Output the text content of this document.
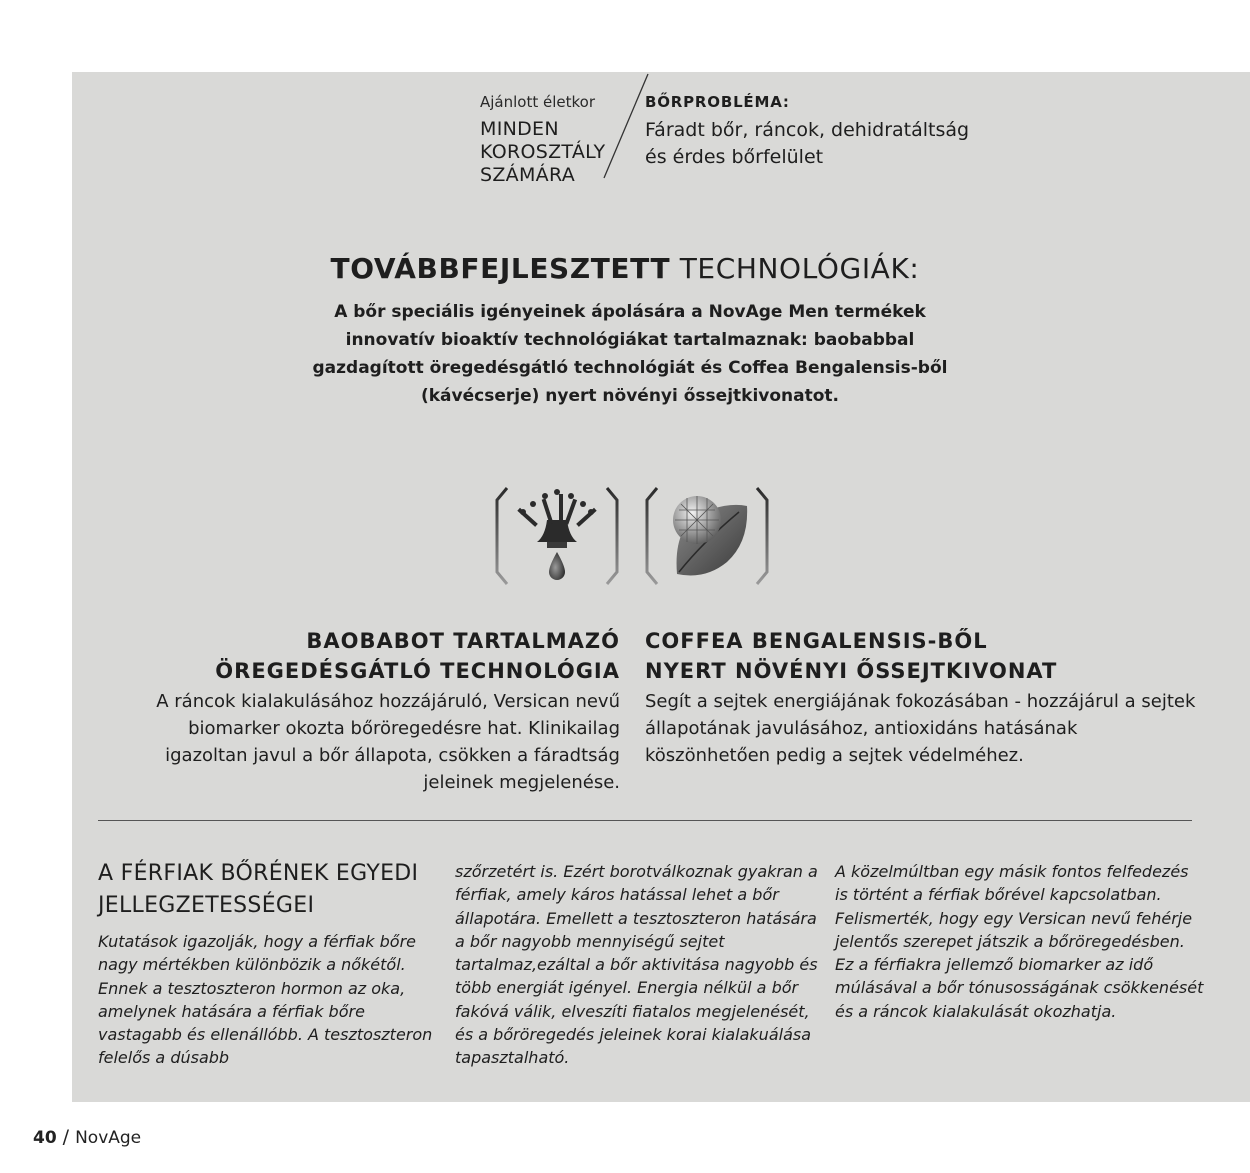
Ajánlott életkor
MINDEN
KOROSZTÁLY
SZÁMÁRA
BŐRPROBLÉMA:
Fáradt bőr, ráncok, dehidratáltság
és érdes bőrfelület
TOVÁBBFEJLESZTETT TECHNOLÓGIÁK:
A bőr speciális igényeinek ápolására a NovAge Men termékek innovatív bioaktív technológiákat tartalmaznak: baobabbal gazdagított öregedésgátló technológiát és Coffea Bengalensis-ből (kávécserje) nyert növényi őssejtkivonatot.
BAOBABOT TARTALMAZÓ
ÖREGEDÉSGÁTLÓ TECHNOLÓGIA
A ráncok kialakulásához hozzájáruló, Versican nevű biomarker okozta bőröregedésre hat. Klinikailag igazoltan javul a bőr állapota, csökken a fáradtság jeleinek megjelenése.
COFFEA BENGALENSIS-BŐL
NYERT NÖVÉNYI ŐSSEJTKIVONAT
Segít a sejtek energiájának fokozásában - hozzájárul a sejtek állapotának javulásához, antioxidáns hatásának köszönhetően pedig a sejtek védelméhez.
A FÉRFIAK BŐRÉNEK EGYEDI JELLEGZETESSÉGEI
Kutatások igazolják, hogy a férfiak bőre nagy mértékben különbözik a nőkétől. Ennek a tesztoszteron hormon az oka, amelynek hatására a férfiak bőre vastagabb és ellenállóbb. A tesztoszteron felelős a dúsabb
szőrzetért is. Ezért borotválkoznak gyakran a férfiak, amely káros hatással lehet a bőr állapotára. Emellett a tesztoszteron hatására a bőr nagyobb mennyiségű sejtet tartalmaz,ezáltal a bőr aktivitása nagyobb és több energiát igényel. Energia nélkül a bőr fakóvá válik, elveszíti fiatalos megjelenését, és a bőröregedés jeleinek korai kialakuálása tapasztalható.
A közelmúltban egy másik fontos felfedezés is történt a férfiak bőrével kapcsolatban. Felismerték, hogy egy Versican nevű fehérje jelentős szerepet játszik a bőröregedésben. Ez a férfiakra jellemző biomarker az idő múlásával a bőr tónusosságának csökkenését és a ráncok kialakulását okozhatja.
40 / NovAge
